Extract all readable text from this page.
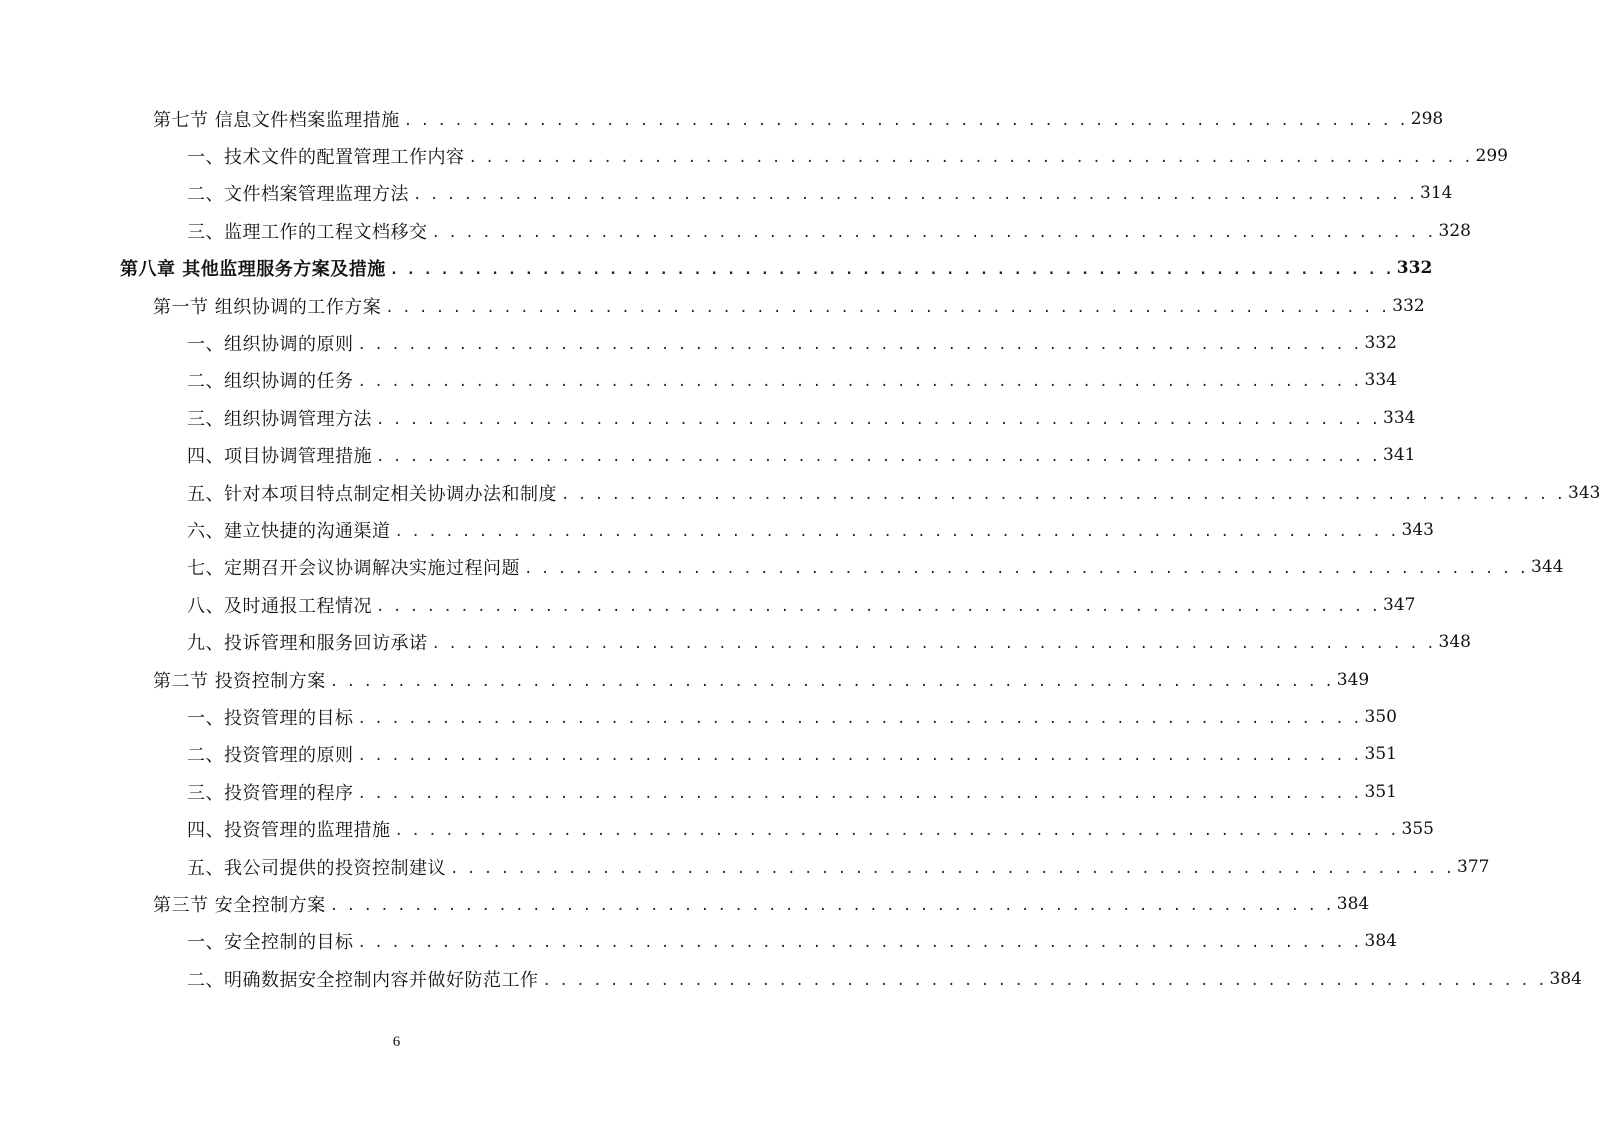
第七节 信息文件档案监理措施 . . . . . . . . . . . . . . . . . . . . . . . . . . . . . . . . . . . . . . . . . . . . . . . . . . . . . . . . . . . . 298
一、技术文件的配置管理工作内容 . . . . . . . . . . . . . . . . . . . . . . . . . . . . . . . . . . . . . . . . . . . . . . . . . . . . . . . . . . . . 299
二、文件档案管理监理方法 . . . . . . . . . . . . . . . . . . . . . . . . . . . . . . . . . . . . . . . . . . . . . . . . . . . . . . . . . . . . 314
三、监理工作的工程文档移交 . . . . . . . . . . . . . . . . . . . . . . . . . . . . . . . . . . . . . . . . . . . . . . . . . . . . . . . . . . . . 328
第八章 其他监理服务方案及措施 . . . . . . . . . . . . . . . . . . . . . . . . . . . . . . . . . . . . . . . . . . . . . . . . . . . . . . . . . . . . 332
第一节 组织协调的工作方案 . . . . . . . . . . . . . . . . . . . . . . . . . . . . . . . . . . . . . . . . . . . . . . . . . . . . . . . . . . . . 332
一、组织协调的原则 . . . . . . . . . . . . . . . . . . . . . . . . . . . . . . . . . . . . . . . . . . . . . . . . . . . . . . . . . . . . 332
二、组织协调的任务 . . . . . . . . . . . . . . . . . . . . . . . . . . . . . . . . . . . . . . . . . . . . . . . . . . . . . . . . . . . . 334
三、组织协调管理方法 . . . . . . . . . . . . . . . . . . . . . . . . . . . . . . . . . . . . . . . . . . . . . . . . . . . . . . . . . . . . 334
四、项目协调管理措施 . . . . . . . . . . . . . . . . . . . . . . . . . . . . . . . . . . . . . . . . . . . . . . . . . . . . . . . . . . . . 341
五、针对本项目特点制定相关协调办法和制度 . . . . . . . . . . . . . . . . . . . . . . . . . . . . . . . . . . . . . . . . . . . . . . . . . . . . . . . . . . . . 343
六、建立快捷的沟通渠道 . . . . . . . . . . . . . . . . . . . . . . . . . . . . . . . . . . . . . . . . . . . . . . . . . . . . . . . . . . . . 343
七、定期召开会议协调解决实施过程问题 . . . . . . . . . . . . . . . . . . . . . . . . . . . . . . . . . . . . . . . . . . . . . . . . . . . . . . . . . . . . 344
八、及时通报工程情况 . . . . . . . . . . . . . . . . . . . . . . . . . . . . . . . . . . . . . . . . . . . . . . . . . . . . . . . . . . . . 347
九、投诉管理和服务回访承诺 . . . . . . . . . . . . . . . . . . . . . . . . . . . . . . . . . . . . . . . . . . . . . . . . . . . . . . . . . . . . 348
第二节 投资控制方案 . . . . . . . . . . . . . . . . . . . . . . . . . . . . . . . . . . . . . . . . . . . . . . . . . . . . . . . . . . . . 349
一、投资管理的目标 . . . . . . . . . . . . . . . . . . . . . . . . . . . . . . . . . . . . . . . . . . . . . . . . . . . . . . . . . . . . 350
二、投资管理的原则 . . . . . . . . . . . . . . . . . . . . . . . . . . . . . . . . . . . . . . . . . . . . . . . . . . . . . . . . . . . . 351
三、投资管理的程序 . . . . . . . . . . . . . . . . . . . . . . . . . . . . . . . . . . . . . . . . . . . . . . . . . . . . . . . . . . . . 351
四、投资管理的监理措施 . . . . . . . . . . . . . . . . . . . . . . . . . . . . . . . . . . . . . . . . . . . . . . . . . . . . . . . . . . . . 355
五、我公司提供的投资控制建议 . . . . . . . . . . . . . . . . . . . . . . . . . . . . . . . . . . . . . . . . . . . . . . . . . . . . . . . . . . . . 377
第三节 安全控制方案 . . . . . . . . . . . . . . . . . . . . . . . . . . . . . . . . . . . . . . . . . . . . . . . . . . . . . . . . . . . . 384
一、安全控制的目标 . . . . . . . . . . . . . . . . . . . . . . . . . . . . . . . . . . . . . . . . . . . . . . . . . . . . . . . . . . . . 384
二、明确数据安全控制内容并做好防范工作 . . . . . . . . . . . . . . . . . . . . . . . . . . . . . . . . . . . . . . . . . . . . . . . . . . . . . . . . . . . . 384
6
